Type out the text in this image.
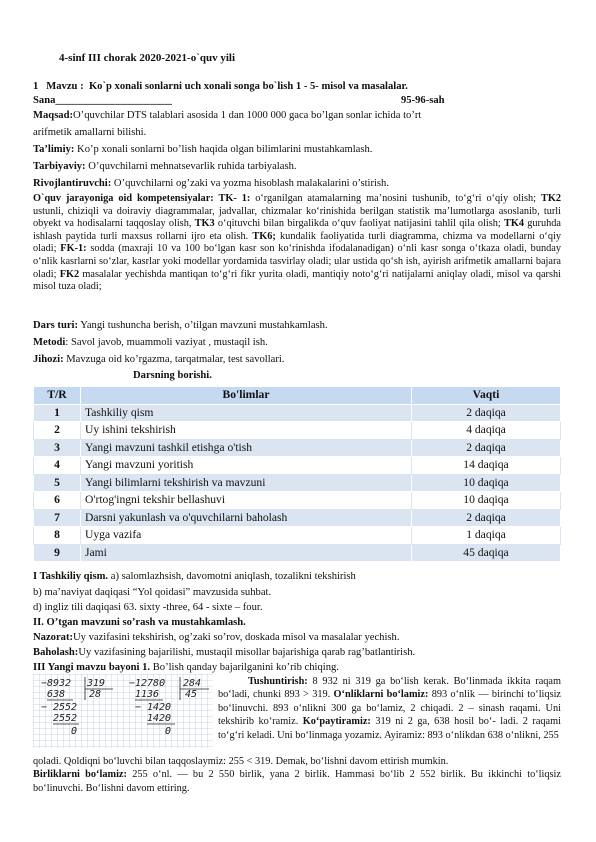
4-sinf III chorak 2020-2021-o`quv yili
1 Mavzu : Ko`p xonali sonlarni uch xonali songa bo`lish 1 - 5- misol va masalalar.
Sana______________________	95-96-sah
Maqsad:O’quvchilar DTS talablari asosida 1 dan 1000 000 gaca bo’lgan sonlar ichida to’rt
arifmetik amallarni bilishi.
Ta’limiy: Ko’p xonali sonlarni bo’lish haqida olgan bilimlarini mustahkamlash.
Tarbiyaviy: O’quvchilarni mehnatsevarlik ruhida tarbiyalash.
Rivojlantiruvchi: O’quvchilarni og’zaki va yozma hisoblash malakalarini o’stirish.
O`quv jarayoniga oid kompetensiyalar: TK- 1: o‘rganilgan atamalarning ma’nosini tushunib, to‘g‘ri o‘qiy olish; TK2 ustunli, chiziqli va doiraviy diagrammalar, jadvallar, chizmalar ko‘rinishida berilgan statistik ma’lumotlarga asoslanib, turli obyekt va hodisalarni taqqoslay olish, TK3 o‘qituvchi bilan birgalikda o‘quv faoliyat natijasini tahlil qila olish; TK4 guruhda ishlash paytida turli maxsus rollarni ijro eta olish. TK6; kundalik faoliyatida turli diagramma, chizma va modellarni o‘qiy oladi; FK-1: sodda (maxraji 10 va 100 bo‘lgan kasr son ko‘rinishda ifodalanadigan) o‘nli kasr songa o‘tkaza oladi, bunday o‘nlik kasrlarni so‘zlar, kasrlar yoki modellar yordamida tasvirlay oladi; ular ustida qo‘sh ish, ayirish arifmetik amallarni bajara oladi; FK2 masalalar yechishda mantiqan to‘g‘ri fikr yurita oladi, mantiqiy noto‘g‘ri natijalarni aniqlay oladi, misol va qarshi misol tuza oladi;
Dars turi: Yangi tushuncha berish, o’tilgan mavzuni mustahkamlash.
Metodi: Savol javob, muammoli vaziyat , mustaqil ish.
Jihozi: Mavzuga oid ko’rgazma, tarqatmalar, test savollari.
Darsning borishi.
T/R	Bo'limlar	Vaqti
1	Tashkiliy qism	2 daqiqa
2	Uy ishini tekshirish	4 daqiqa
3	Yangi mavzuni tashkil etishga o'tish	2 daqiqa
4	Yangi mavzuni yoritish	14 daqiqa
5	Yangi bilimlarni tekshirish va mavzuni	10 daqiqa
6	O'rtog'ingni tekshir bellashuvi	10 daqiqa
7	Darsni yakunlash va o'quvchilarni baholash	2 daqiqa
8	Uyga vazifa	1 daqiqa
9	Jami	45 daqiqa
I Tashkiliy qism. a) salomlazhsish, davomotni aniqlash, tozalikni tekshirish
b) ma’naviyat daqiqasi “Yol qoidasi” mavzusida suhbat.
d) ingliz tili daqiqasi 63. sixty -three, 64 - sixte – four.
II. O’tgan mavzuni so’rash va mustahkamlash.
Nazorat:Uy vazifasini tekshirish, og’zaki so’rov, doskada misol va masalalar yechish.
Baholash:Uy vazifasining bajarilishi, mustaqil misollar bajarishiga qarab rag’batlantirish.
III Yangi mavzu bayoni 1. Bo’lish qanday bajarilganini ko’rib chiqing.
− 8932 319
638 28
− 2552
2552
0
− 12780 284
1136	45
− 1420
1420
0
Tushuntirish: 8 932 ni 319 ga bo‘lish kerak. Bo‘linmada ikkita raqam bo‘ladi, chunki 893 > 319. O‘nliklarni bo‘lamiz: 893 o‘nlik — birinchi to‘liqsiz bo‘linuvchi. 893 o‘nlikni 300 ga bo‘lamiz, 2 chiqadi. 2 – sinash raqami. Uni tekshirib ko‘ramiz. Ko‘paytiramiz: 319 ni 2 ga, 638 hosil bo‘- ladi. 2 raqami to‘g‘ri keladi. Uni bo‘linmaga yozamiz. Ayiramiz: 893 o‘nlikdan 638 o‘nlikni, 255
qoladi. Qoldiqni bo‘luvchi bilan taqqoslaymiz: 255 < 319. Demak, bo‘lishni davom ettirish mumkin.
Birliklarni bo‘lamiz: 255 o‘nl. — bu 2 550 birlik, yana 2 birlik. Hammasi bo‘lib 2 552 birlik. Bu ikkinchi to‘liqsiz bo‘linuvchi. Bo‘lishni davom ettiring.
